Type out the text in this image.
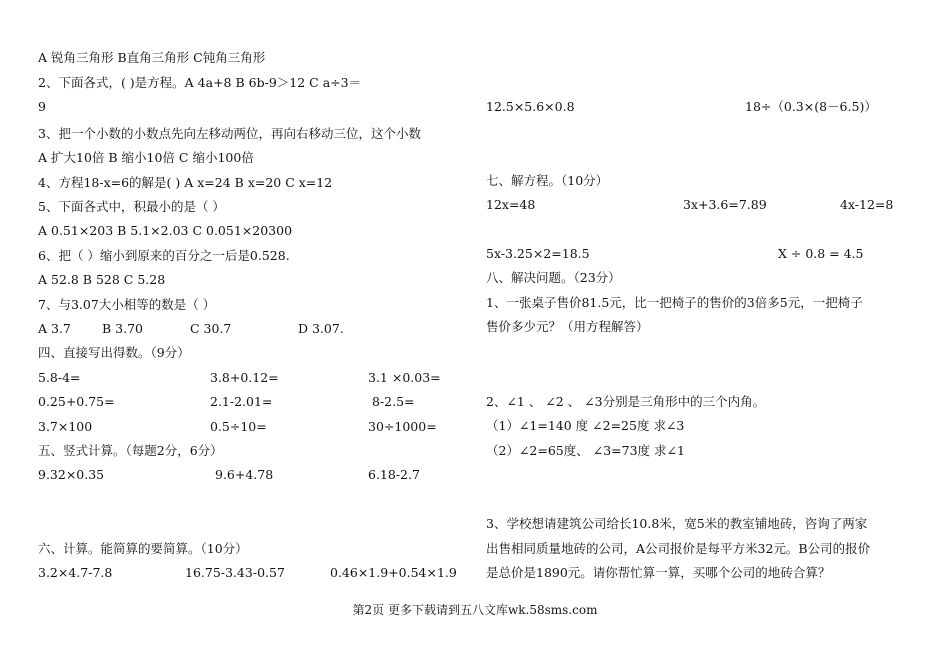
A 锐角三角形 B直角三角形 C钝角三角形
2、下面各式，( )是方程。A 4a+8 B 6b-9＞12 C a÷3＝
9
3、把一个小数的小数点先向左移动两位，再向右移动三位，这个小数
A 扩大10倍 B 缩小10倍 C 缩小100倍
4、方程18-x=6的解是( ) A x=24 B x=20 C x=12
5、下面各式中，积最小的是（ ）
A 0.51×203 B 5.1×2.03 C 0.051×20300
6、把（ ）缩小到原来的百分之一后是0.528.
A 52.8 B 528 C 5.28
7、与3.07大小相等的数是（ ）
A 3.7 B 3.70	C 30.7	D 3.07.
四、直接写出得数。（9分）
5.8-4=	3.8+0.12=	3.1 ×0.03=
0.25+0.75=	2.1-2.01=	8-2.5=
3.7×100	0.5÷10=	30÷1000=
五、竖式计算。（每题2分，6分）
9.32×0.35	9.6+4.78	6.18-2.7
六、计算。能简算的要简算。（10分）
3.2×4.7-7.8	16.75-3.43-0.57	0.46×1.9+0.54×1.9
12.5×5.6×0.8	18÷（0.3×(8－6.5)）
七、解方程。（10分）
12x=48	3x+3.6=7.89	4x-12=8
5x-3.25×2=18.5	X ÷ 0.8 = 4.5
八、解决问题。（23分）
1、一张桌子售价81.5元，比一把椅子的售价的3倍多5元，一把椅子
售价多少元？（用方程解答）
2、∠1 、 ∠2 、 ∠3分别是三角形中的三个内角。
（1）∠1=140 度 ∠2=25度 求∠3
（2）∠2=65度、 ∠3=73度 求∠1
3、学校想请建筑公司给长10.8米，宽5米的教室铺地砖，咨询了两家
出售相同质量地砖的公司，A公司报价是每平方米32元。B公司的报价
是总价是1890元。请你帮忙算一算，买哪个公司的地砖合算？
第2页 更多下载请到五八文库wk.58sms.com
